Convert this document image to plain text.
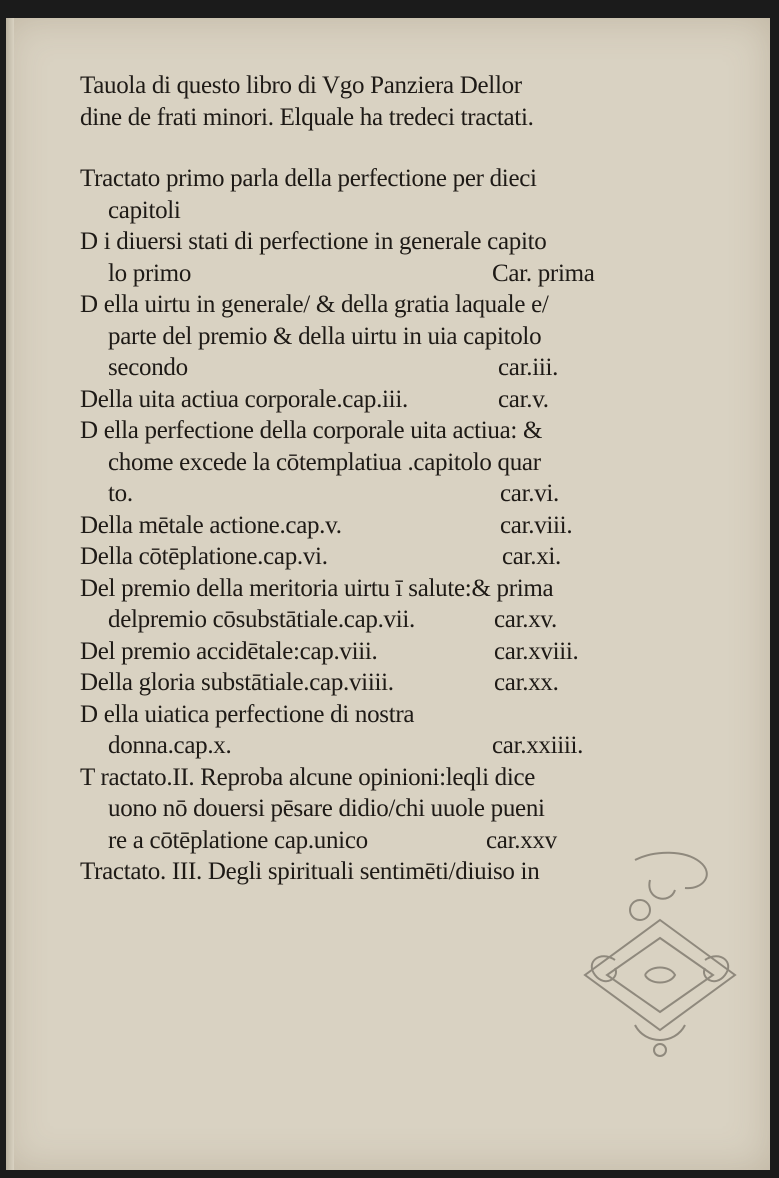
Tauola di questo libro di Vgo Panziera Dellor
dine de frati minori. Elquale ha tredeci tractati.
Tractato primo parla della perfectione per dieci
capitoli
D i diuersi stati di perfectione in generale capito
lo primo	Car. prima
D ella uirtu in generale/ & della gratia laquale e/
parte del premio & della uirtu in uia capitolo
secondo	car.iii.
Della uita actiua corporale.cap.iii.	car.v.
D ella perfectione della corporale uita actiua: &
chome excede la cōtemplatiua .capitolo quar
to.	car.vi.
Della mētale actione.cap.v.	car.viii.
Della cōtēplatione.cap.vi.	car.xi.
Del premio della meritoria uirtu ī salute:& prima
delpremio cōsubstātiale.cap.vii.	car.xv.
Del premio accidētale:cap.viii.	car.xviii.
Della gloria substātiale.cap.viiii.	car.xx.
D ella uiatica perfectione di nostra
donna.cap.x.	car.xxiiii.
T ractato.II. Reproba alcune opinioni:leqli dice
uono nō douersi pēsare didio/chi uuole pueni
re a cōtēplatione cap.unico	car.xxv
Tractato. III. Degli spirituali sentimēti/diuiso in
